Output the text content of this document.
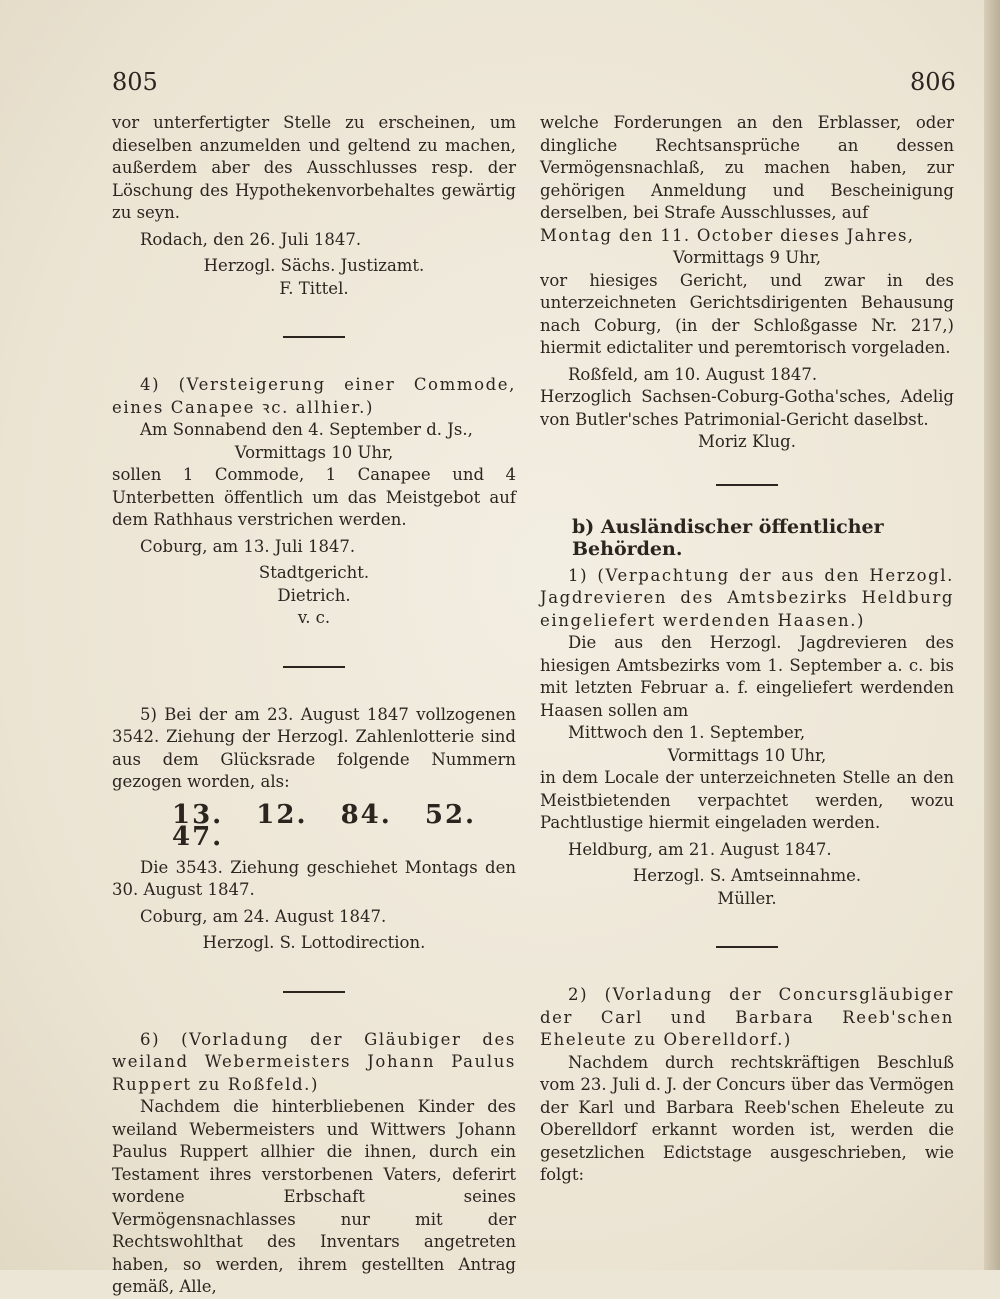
805	806

vor unterfertigter Stelle zu erscheinen, um dieselben anzumelden und geltend zu machen, außerdem aber des Ausschlusses resp. der Löschung des Hypothekenvorbehaltes gewärtig zu seyn.

Rodach, den 26. Juli 1847.

Herzogl. Sächs. Justizamt.

F. Tittel.

4) (Versteigerung einer Commode, eines Canapee ꝛc. allhier.)

Am Sonnabend den 4. September d. Js.,

Vormittags 10 Uhr,

sollen 1 Commode, 1 Canapee und 4 Unterbetten öffentlich um das Meistgebot auf dem Rathhaus verstrichen werden.

Coburg, am 13. Juli 1847.

Stadtgericht.

Dietrich.

v. c.

5) Bei der am 23. August 1847 vollzogenen 3542. Ziehung der Herzogl. Zahlenlotterie sind aus dem Glücksrade folgende Nummern gezogen worden, als:

13. 12. 84. 52. 47.

Die 3543. Ziehung geschiehet Montags den 30. August 1847.

Coburg, am 24. August 1847.

Herzogl. S. Lottodirection.

6) (Vorladung der Gläubiger des weiland Webermeisters Johann Paulus Ruppert zu Roßfeld.)

Nachdem die hinterbliebenen Kinder des weiland Webermeisters und Wittwers Johann Paulus Ruppert allhier die ihnen, durch ein Testament ihres verstorbenen Vaters, deferirt wordene Erbschaft seines Vermögensnachlasses nur mit der Rechtswohlthat des Inventars angetreten haben, so werden, ihrem gestellten Antrag gemäß, Alle,

welche Forderungen an den Erblasser, oder dingliche Rechtsansprüche an dessen Vermögensnachlaß, zu machen haben, zur gehörigen Anmeldung und Bescheinigung derselben, bei Strafe Ausschlusses, auf

Montag den 11. October dieses Jahres,

Vormittags 9 Uhr,

vor hiesiges Gericht, und zwar in des unterzeichneten Gerichtsdirigenten Behausung nach Coburg, (in der Schloßgasse Nr. 217,) hiermit edictaliter und peremtorisch vorgeladen.

Roßfeld, am 10. August 1847.

Herzoglich Sachsen-Coburg-Gotha'sches, Adelig von Butler'sches Patrimonial-Gericht daselbst.

Moriz Klug.

b) Ausländischer öffentlicher Behörden.

1) (Verpachtung der aus den Herzogl. Jagdrevieren des Amtsbezirks Heldburg eingeliefert werdenden Haasen.)

Die aus den Herzogl. Jagdrevieren des hiesigen Amtsbezirks vom 1. September a. c. bis mit letzten Februar a. f. eingeliefert werdenden Haasen sollen am

Mittwoch den 1. September,

Vormittags 10 Uhr,

in dem Locale der unterzeichneten Stelle an den Meistbietenden verpachtet werden, wozu Pachtlustige hiermit eingeladen werden.

Heldburg, am 21. August 1847.

Herzogl. S. Amtseinnahme.

Müller.

2) (Vorladung der Concursgläubiger der Carl und Barbara Reeb'schen Eheleute zu Oberelldorf.)

Nachdem durch rechtskräftigen Beschluß vom 23. Juli d. J. der Concurs über das Vermögen der Karl und Barbara Reeb'schen Eheleute zu Oberelldorf erkannt worden ist, werden die gesetzlichen Edictstage ausgeschrieben, wie folgt:
